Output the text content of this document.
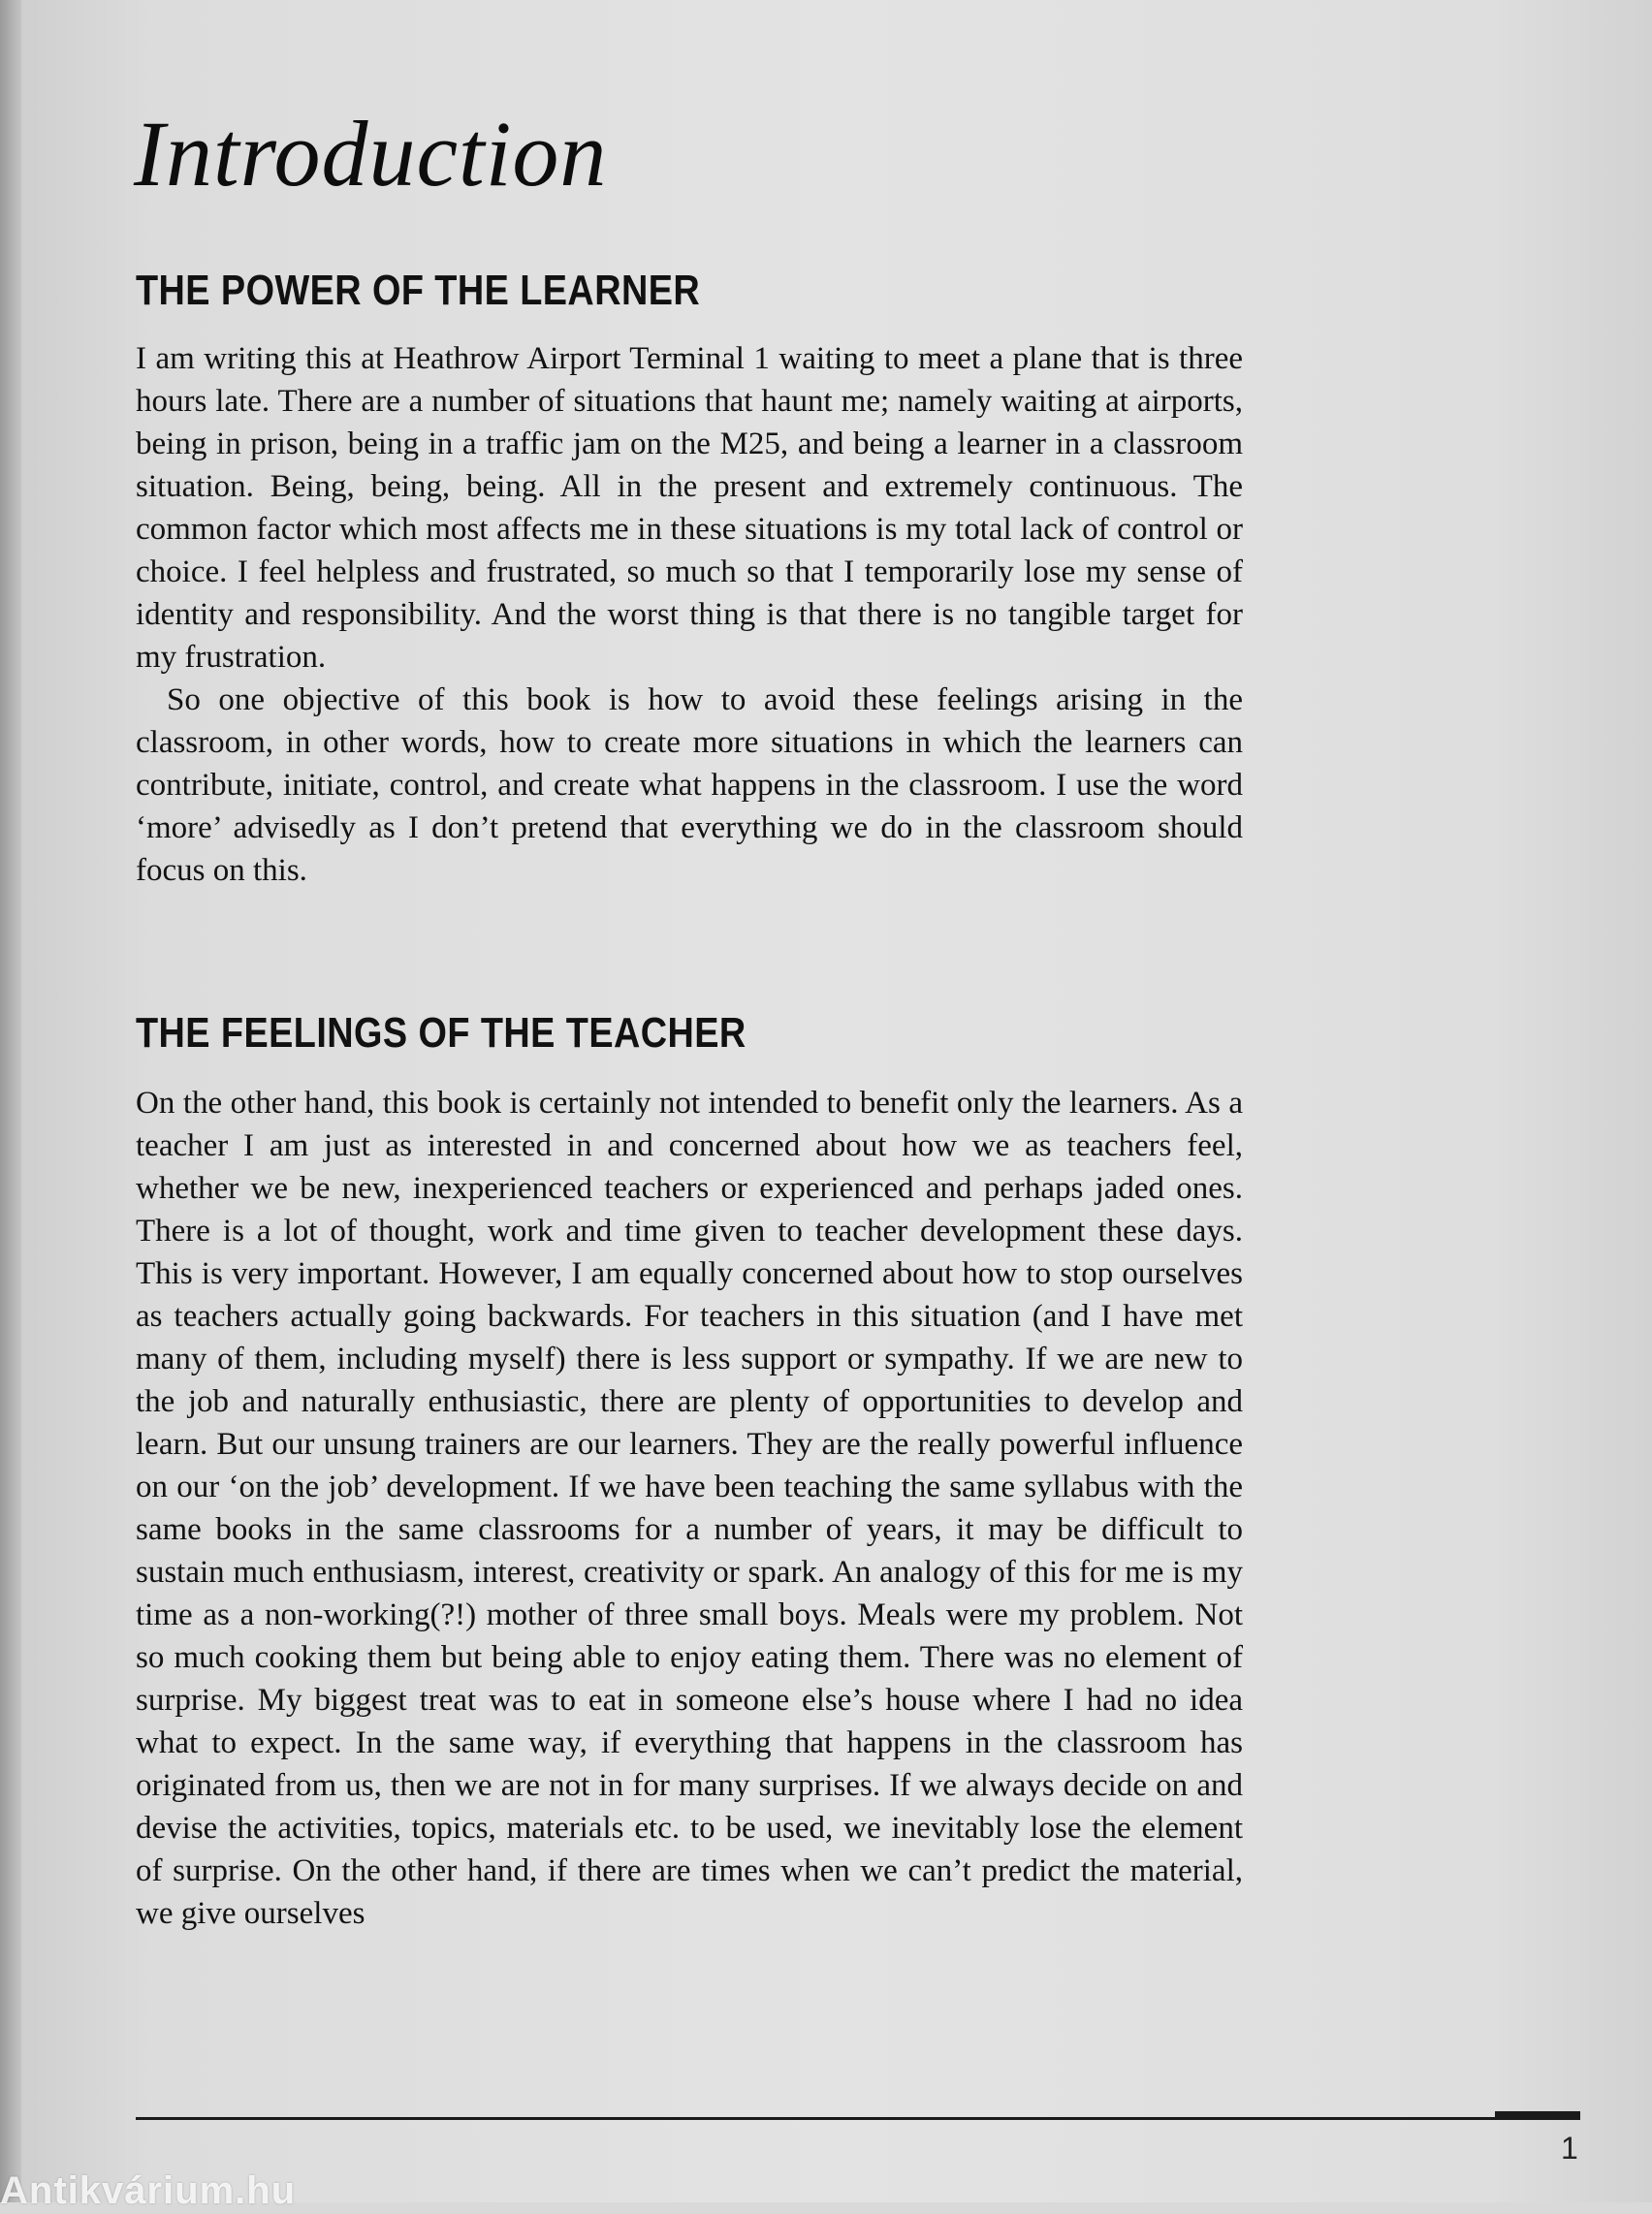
Introduction
THE POWER OF THE LEARNER

I am writing this at Heathrow Airport Terminal 1 waiting to meet a plane that is three hours late. There are a number of situations that haunt me; namely waiting at airports, being in prison, being in a traffic jam on the M25, and being a learner in a classroom situation. Being, being, being. All in the present and extremely continuous. The common factor which most affects me in these situations is my total lack of control or choice. I feel helpless and frustrated, so much so that I temporarily lose my sense of identity and responsibility. And the worst thing is that there is no tangible target for my frustration.

So one objective of this book is how to avoid these feelings arising in the classroom, in other words, how to create more situations in which the learners can contribute, initiate, control, and create what happens in the classroom. I use the word ‘more’ advisedly as I don’t pretend that everything we do in the classroom should focus on this.

THE FEELINGS OF THE TEACHER

On the other hand, this book is certainly not intended to benefit only the learners. As a teacher I am just as interested in and concerned about how we as teachers feel, whether we be new, inexperienced teachers or experienced and perhaps jaded ones. There is a lot of thought, work and time given to teacher development these days. This is very important. However, I am equally concerned about how to stop ourselves as teachers actually going backwards. For teachers in this situation (and I have met many of them, including myself) there is less support or sympathy. If we are new to the job and naturally enthusiastic, there are plenty of opportunities to develop and learn. But our unsung trainers are our learners. They are the really powerful influence on our ‘on the job’ development. If we have been teaching the same syllabus with the same books in the same classrooms for a number of years, it may be difficult to sustain much enthusiasm, interest, creativity or spark. An analogy of this for me is my time as a non-working(?!) mother of three small boys. Meals were my problem. Not so much cooking them but being able to enjoy eating them. There was no element of surprise. My biggest treat was to eat in someone else’s house where I had no idea what to expect. In the same way, if everything that happens in the classroom has originated from us, then we are not in for many surprises. If we always decide on and devise the activities, topics, materials etc. to be used, we inevitably lose the element of surprise. On the other hand, if there are times when we can’t predict the material, we give ourselves

1
Antikvárium.hu
